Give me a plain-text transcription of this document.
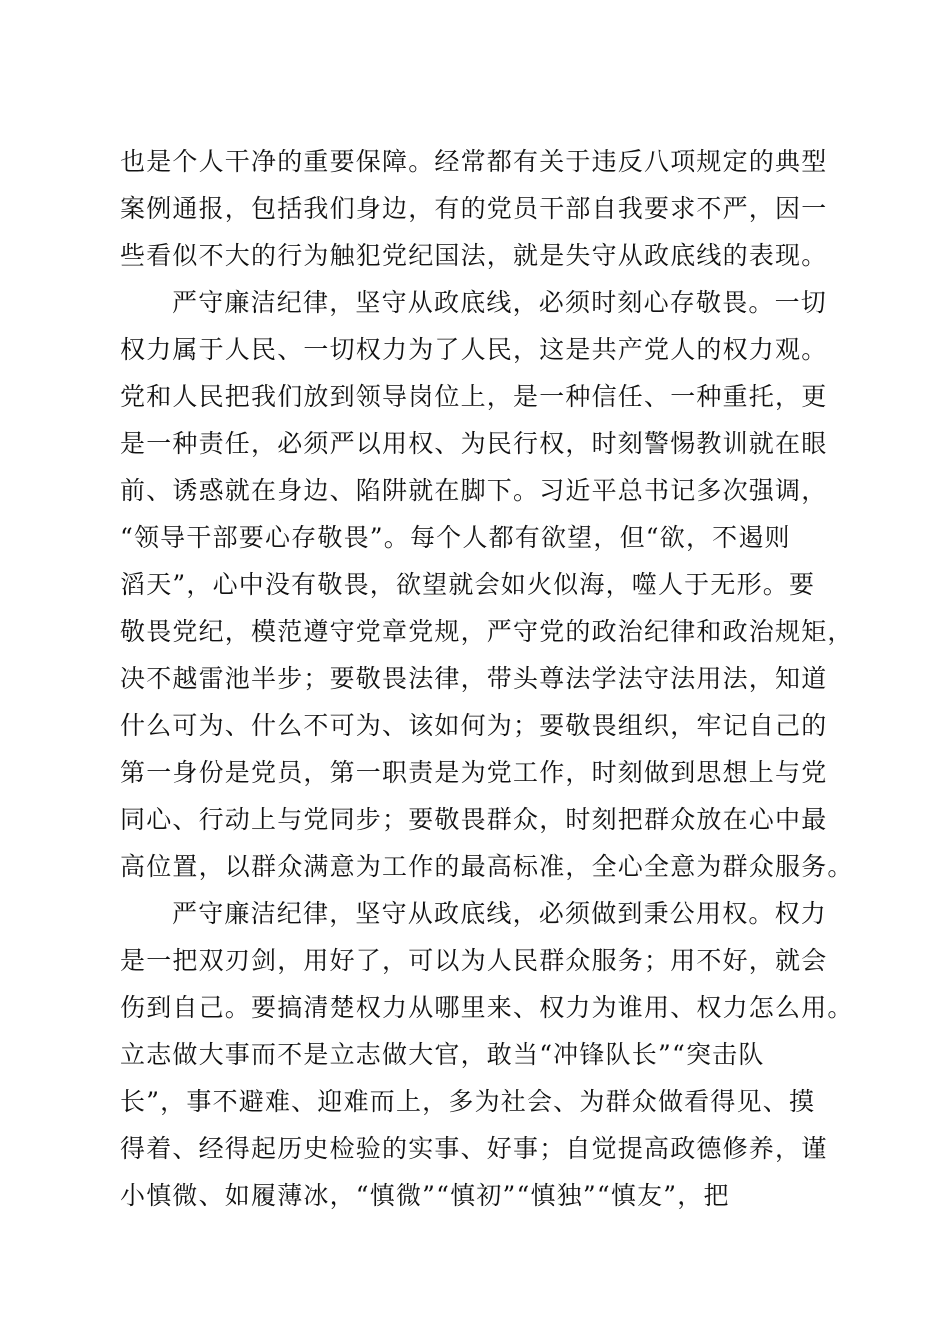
也是个人干净的重要保障。经常都有关于违反八项规定的典型
案例通报，包括我们身边，有的党员干部自我要求不严，因一
些看似不大的行为触犯党纪国法，就是失守从政底线的表现。
严守廉洁纪律，坚守从政底线，必须时刻心存敬畏。一切
权力属于人民、一切权力为了人民，这是共产党人的权力观。
党和人民把我们放到领导岗位上，是一种信任、一种重托，更
是一种责任，必须严以用权、为民行权，时刻警惕教训就在眼
前、诱惑就在身边、陷阱就在脚下。习近平总书记多次强调，
“领导干部要心存敬畏”。每个人都有欲望，但“欲，不遏则
滔天”，心中没有敬畏，欲望就会如火似海，噬人于无形。要
敬畏党纪，模范遵守党章党规，严守党的政治纪律和政治规矩，
决不越雷池半步；要敬畏法律，带头尊法学法守法用法，知道
什么可为、什么不可为、该如何为；要敬畏组织，牢记自己的
第一身份是党员，第一职责是为党工作，时刻做到思想上与党
同心、行动上与党同步；要敬畏群众，时刻把群众放在心中最
高位置，以群众满意为工作的最高标准，全心全意为群众服务。
严守廉洁纪律，坚守从政底线，必须做到秉公用权。权力
是一把双刃剑，用好了，可以为人民群众服务；用不好，就会
伤到自己。要搞清楚权力从哪里来、权力为谁用、权力怎么用。
立志做大事而不是立志做大官，敢当“冲锋队长”“突击队
长”，事不避难、迎难而上，多为社会、为群众做看得见、摸
得着、经得起历史检验的实事、好事；自觉提高政德修养，谨
小慎微、如履薄冰，“慎微”“慎初”“慎独”“慎友”，把
